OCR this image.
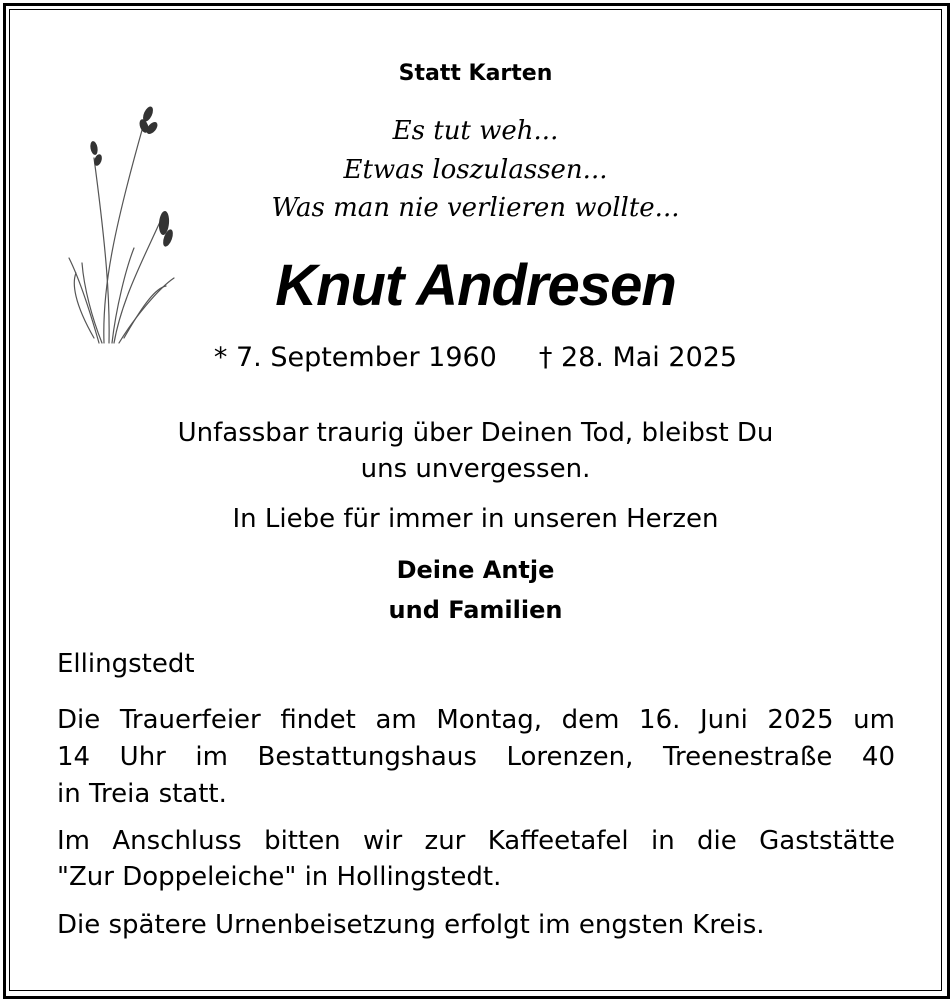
Statt Karten
Es tut weh...
Etwas loszulassen...
Was man nie verlieren wollte...
Knut Andresen
* 7. September 1960 † 28. Mai 2025
Unfassbar traurig über Deinen Tod, bleibst Du
uns unvergessen.
In Liebe für immer in unseren Herzen
Deine Antje
und Familien
Ellingstedt
Die Trauerfeier findet am Montag, dem 16. Juni 2025 um
14 Uhr im Bestattungshaus Lorenzen, Treenestraße 40
in Treia statt.
Im Anschluss bitten wir zur Kaffeetafel in die Gaststätte
"Zur Doppeleiche" in Hollingstedt.
Die spätere Urnenbeisetzung erfolgt im engsten Kreis.
